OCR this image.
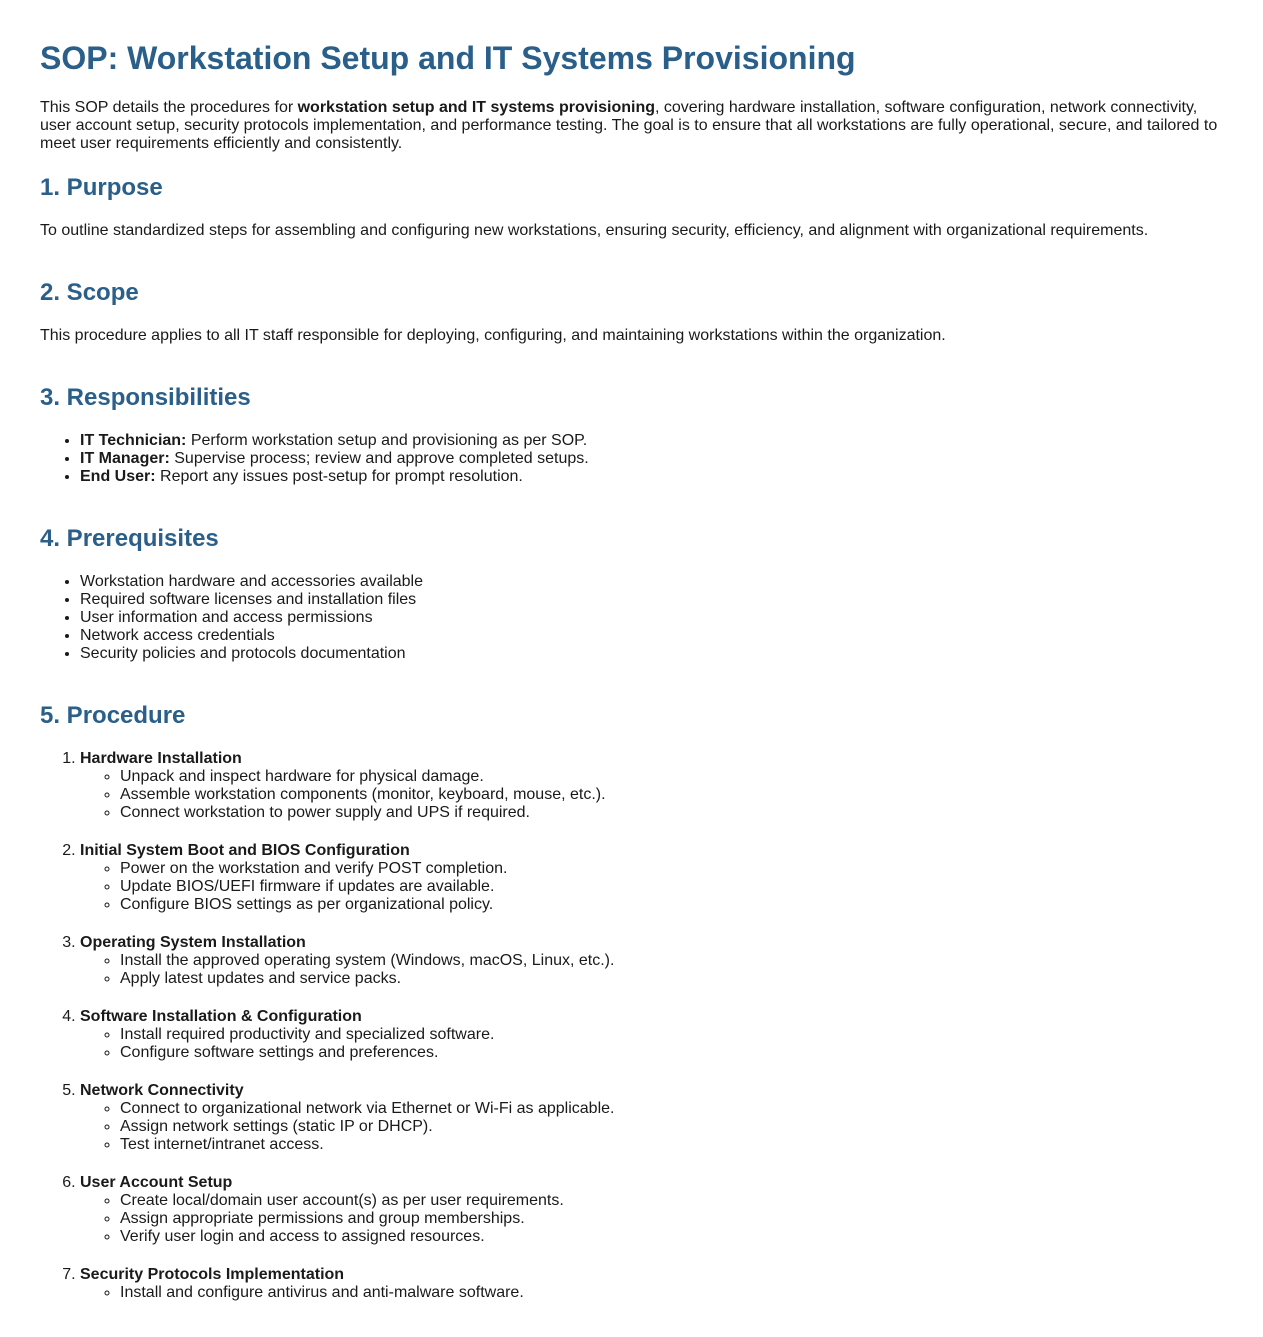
SOP: Workstation Setup and IT Systems Provisioning

This SOP details the procedures for workstation setup and IT systems provisioning, covering hardware installation, software configuration, network connectivity, user account setup, security protocols implementation, and performance testing. The goal is to ensure that all workstations are fully operational, secure, and tailored to meet user requirements efficiently and consistently.

1. Purpose

To outline standardized steps for assembling and configuring new workstations, ensuring security, efficiency, and alignment with organizational requirements.

2. Scope

This procedure applies to all IT staff responsible for deploying, configuring, and maintaining workstations within the organization.

3. Responsibilities
• IT Technician: Perform workstation setup and provisioning as per SOP.
• IT Manager: Supervise process; review and approve completed setups.
• End User: Report any issues post-setup for prompt resolution.
4. Prerequisites
• Workstation hardware and accessories available
• Required software licenses and installation files
• User information and access permissions
• Network access credentials
• Security policies and protocols documentation
5. Procedure
1. Hardware Installation
◦ Unpack and inspect hardware for physical damage.
◦ Assemble workstation components (monitor, keyboard, mouse, etc.).
◦ Connect workstation to power supply and UPS if required.
2. Initial System Boot and BIOS Configuration
◦ Power on the workstation and verify POST completion.
◦ Update BIOS/UEFI firmware if updates are available.
◦ Configure BIOS settings as per organizational policy.
3. Operating System Installation
◦ Install the approved operating system (Windows, macOS, Linux, etc.).
◦ Apply latest updates and service packs.
4. Software Installation & Configuration
◦ Install required productivity and specialized software.
◦ Configure software settings and preferences.
5. Network Connectivity
◦ Connect to organizational network via Ethernet or Wi-Fi as applicable.
◦ Assign network settings (static IP or DHCP).
◦ Test internet/intranet access.
6. User Account Setup
◦ Create local/domain user account(s) as per user requirements.
◦ Assign appropriate permissions and group memberships.
◦ Verify user login and access to assigned resources.
7. Security Protocols Implementation
◦ Install and configure antivirus and anti-malware software.
